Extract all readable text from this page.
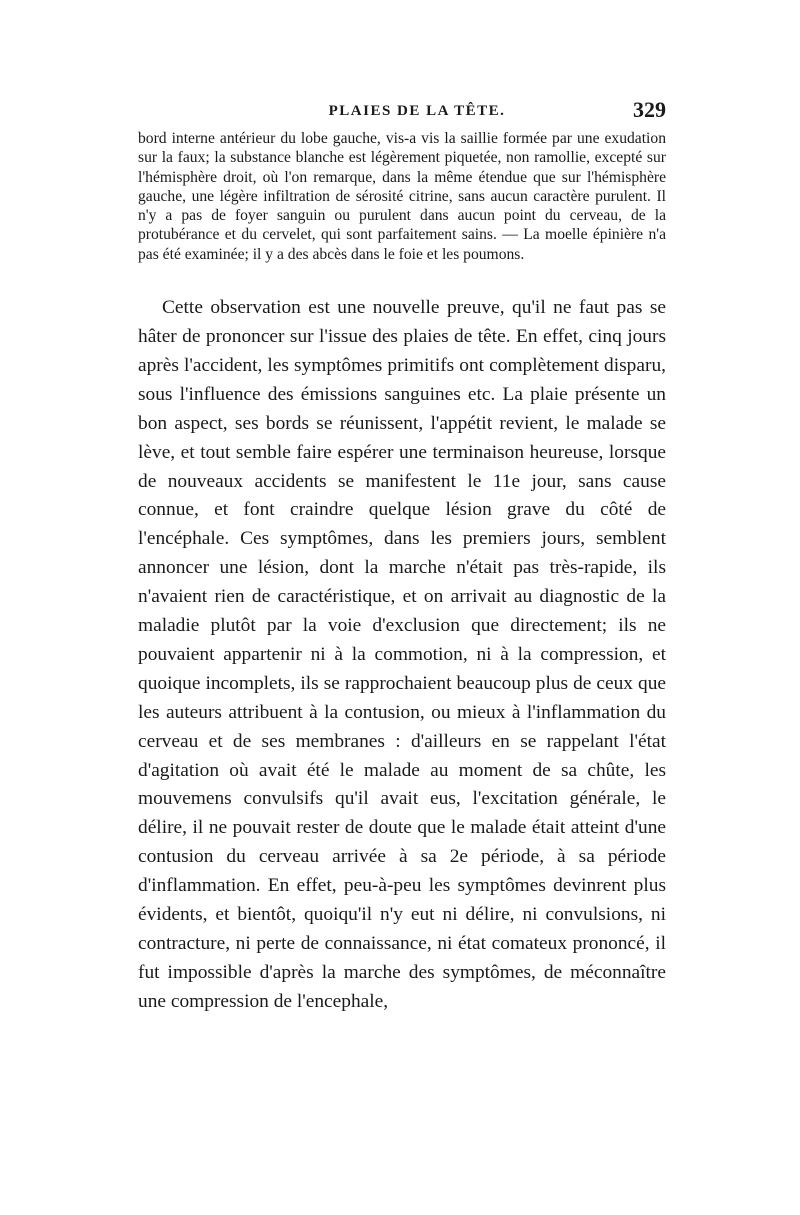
PLAIES DE LA TÊTE.	329

bord interne antérieur du lobe gauche, vis-a vis la saillie formée par une exudation sur la faux; la substance blanche est légèrement piquetée, non ramollie, excepté sur l'hémisphère droit, où l'on remarque, dans la même étendue que sur l'hémisphère gauche, une légère infiltration de sérosité citrine, sans aucun caractère purulent. Il n'y a pas de foyer sanguin ou purulent dans aucun point du cerveau, de la protubérance et du cervelet, qui sont parfaitement sains. — La moelle épinière n'a pas été examinée; il y a des abcès dans le foie et les poumons.

Cette observation est une nouvelle preuve, qu'il ne faut pas se hâter de prononcer sur l'issue des plaies de tête. En effet, cinq jours après l'accident, les symptômes primitifs ont complètement disparu, sous l'influence des émissions sanguines etc. La plaie présente un bon aspect, ses bords se réunissent, l'appétit revient, le malade se lève, et tout semble faire espérer une terminaison heureuse, lorsque de nouveaux accidents se manifestent le 11e jour, sans cause connue, et font craindre quelque lésion grave du côté de l'encéphale. Ces symptômes, dans les premiers jours, semblent annoncer une lésion, dont la marche n'était pas très-rapide, ils n'avaient rien de caractéristique, et on arrivait au diagnostic de la maladie plutôt par la voie d'exclusion que directement; ils ne pouvaient appartenir ni à la commotion, ni à la compression, et quoique incomplets, ils se rapprochaient beaucoup plus de ceux que les auteurs attribuent à la contusion, ou mieux à l'inflammation du cerveau et de ses membranes : d'ailleurs en se rappelant l'état d'agitation où avait été le malade au moment de sa chûte, les mouvemens convulsifs qu'il avait eus, l'excitation générale, le délire, il ne pouvait rester de doute que le malade était atteint d'une contusion du cerveau arrivée à sa 2e période, à sa période d'inflammation. En effet, peu-à-peu les symptômes devinrent plus évidents, et bientôt, quoiqu'il n'y eut ni délire, ni convulsions, ni contracture, ni perte de connaissance, ni état comateux prononcé, il fut impossible d'après la marche des symptômes, de méconnaître une compression de l'encephale,
